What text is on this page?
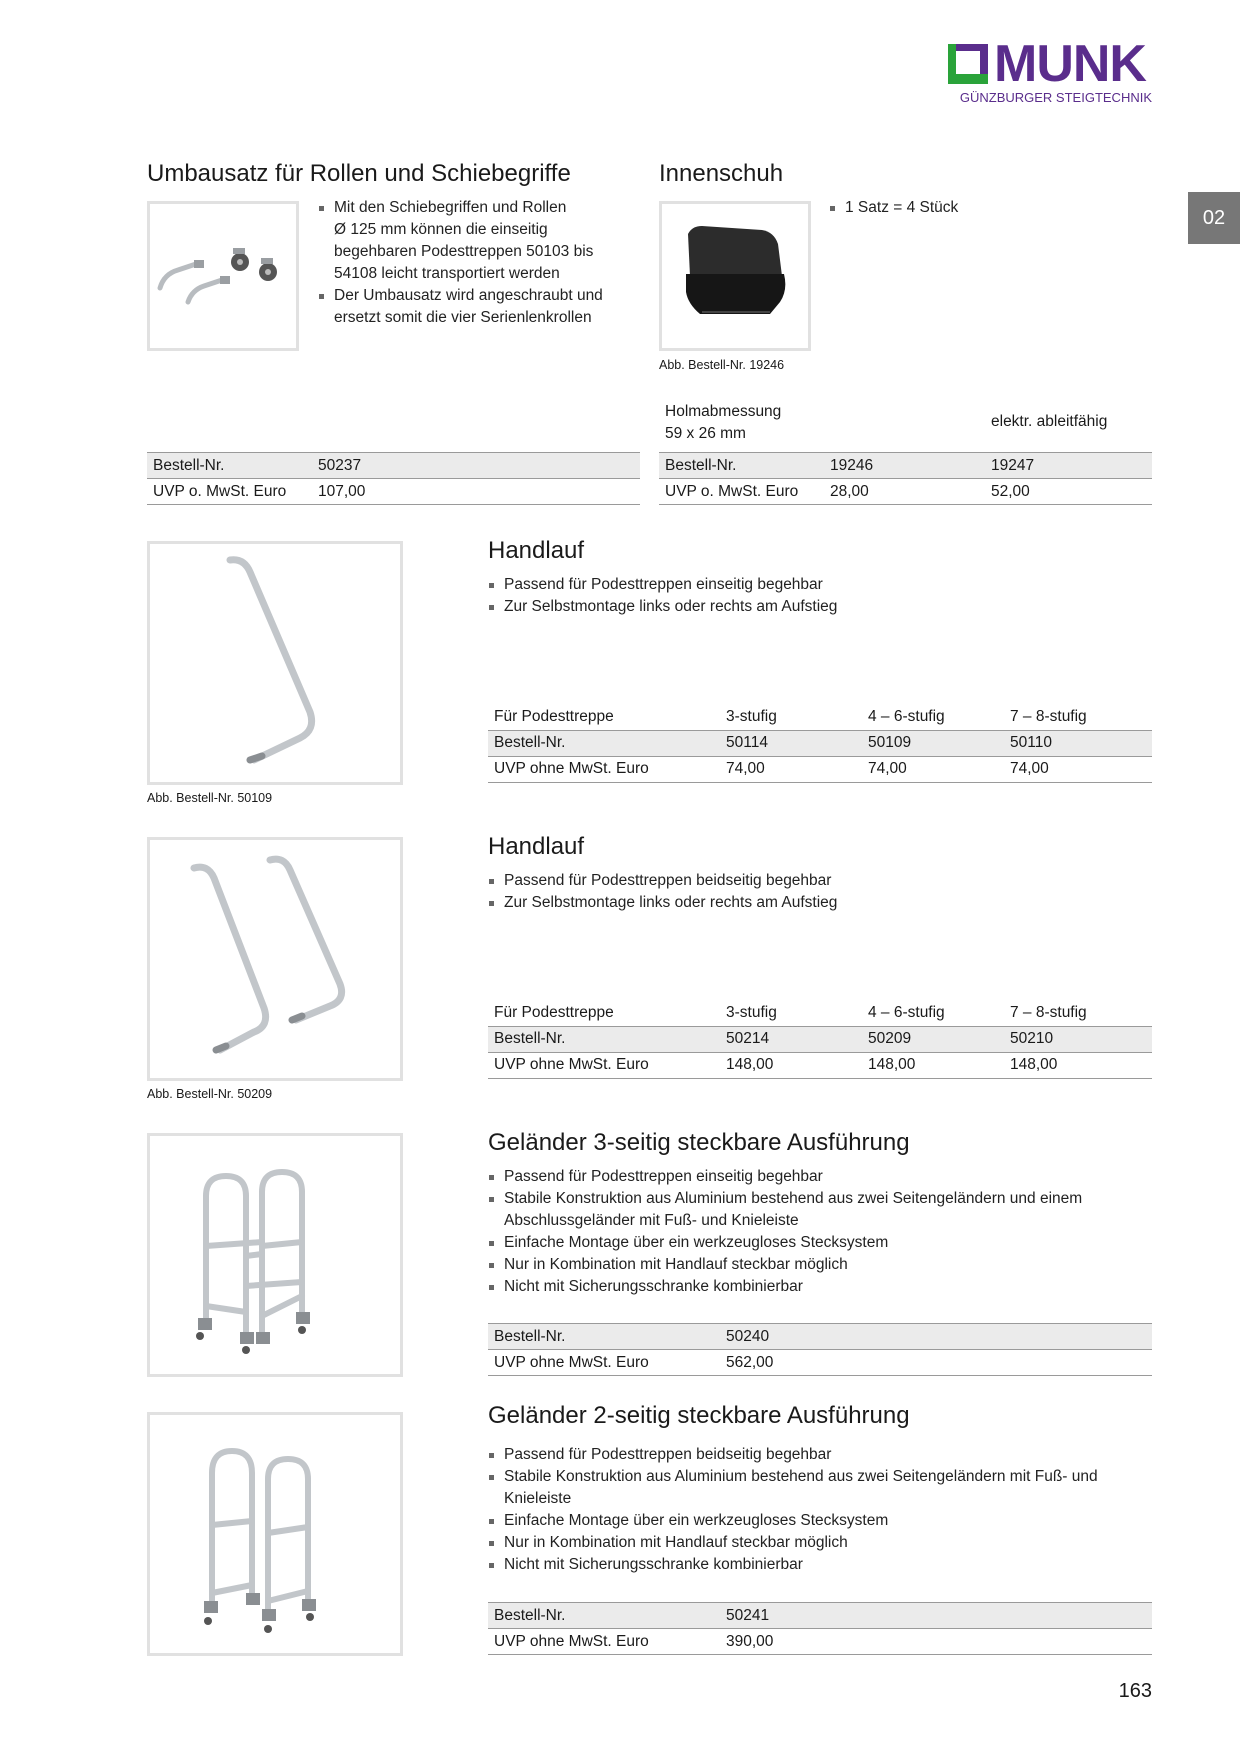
MUNK
GÜNZBURGER STEIGTECHNIK
02
Umbausatz für Rollen und Schiebegriffe
Mit den Schiebegriffen und Rollen
Ø 125 mm können die einseitig
begehbaren Podesttreppen 50103 bis
54108 leicht transportiert werden
Der Umbausatz wird angeschraubt und
ersetzt somit die vier Serienlenkrollen
Bestell-Nr.	50237
UVP o. MwSt. Euro	107,00
Innenschuh
1 Satz = 4 Stück
Abb. Bestell-Nr. 19246
Holmabmessung
59 x 26 mm
elektr. ableitfähig
Bestell-Nr.	19246	19247
UVP o. MwSt. Euro	28,00	52,00
Abb. Bestell-Nr. 50109
Handlauf
Passend für Podesttreppen einseitig begehbar
Zur Selbstmontage links oder rechts am Aufstieg
Für Podesttreppe	3-stufig	4 – 6-stufig	7 – 8-stufig
Bestell-Nr.	50114	50109	50110
UVP ohne MwSt. Euro	74,00	74,00	74,00
Abb. Bestell-Nr. 50209
Handlauf
Passend für Podesttreppen beidseitig begehbar
Zur Selbstmontage links oder rechts am Aufstieg
Für Podesttreppe	3-stufig	4 – 6-stufig	7 – 8-stufig
Bestell-Nr.	50214	50209	50210
UVP ohne MwSt. Euro	148,00	148,00	148,00
Geländer 3-seitig steckbare Ausführung
Passend für Podesttreppen einseitig begehbar
Stabile Konstruktion aus Aluminium bestehend aus zwei Seitengeländern und einem Abschlussgeländer mit Fuß- und Knieleiste
Einfache Montage über ein werkzeugloses Stecksystem
Nur in Kombination mit Handlauf steckbar möglich
Nicht mit Sicherungsschranke kombinierbar
Bestell-Nr.	50240
UVP ohne MwSt. Euro	562,00
Geländer 2-seitig steckbare Ausführung
Passend für Podesttreppen beidseitig begehbar
Stabile Konstruktion aus Aluminium bestehend aus zwei Seitengeländern mit Fuß- und Knieleiste
Einfache Montage über ein werkzeugloses Stecksystem
Nur in Kombination mit Handlauf steckbar möglich
Nicht mit Sicherungsschranke kombinierbar
Bestell-Nr.	50241
UVP ohne MwSt. Euro	390,00
163
